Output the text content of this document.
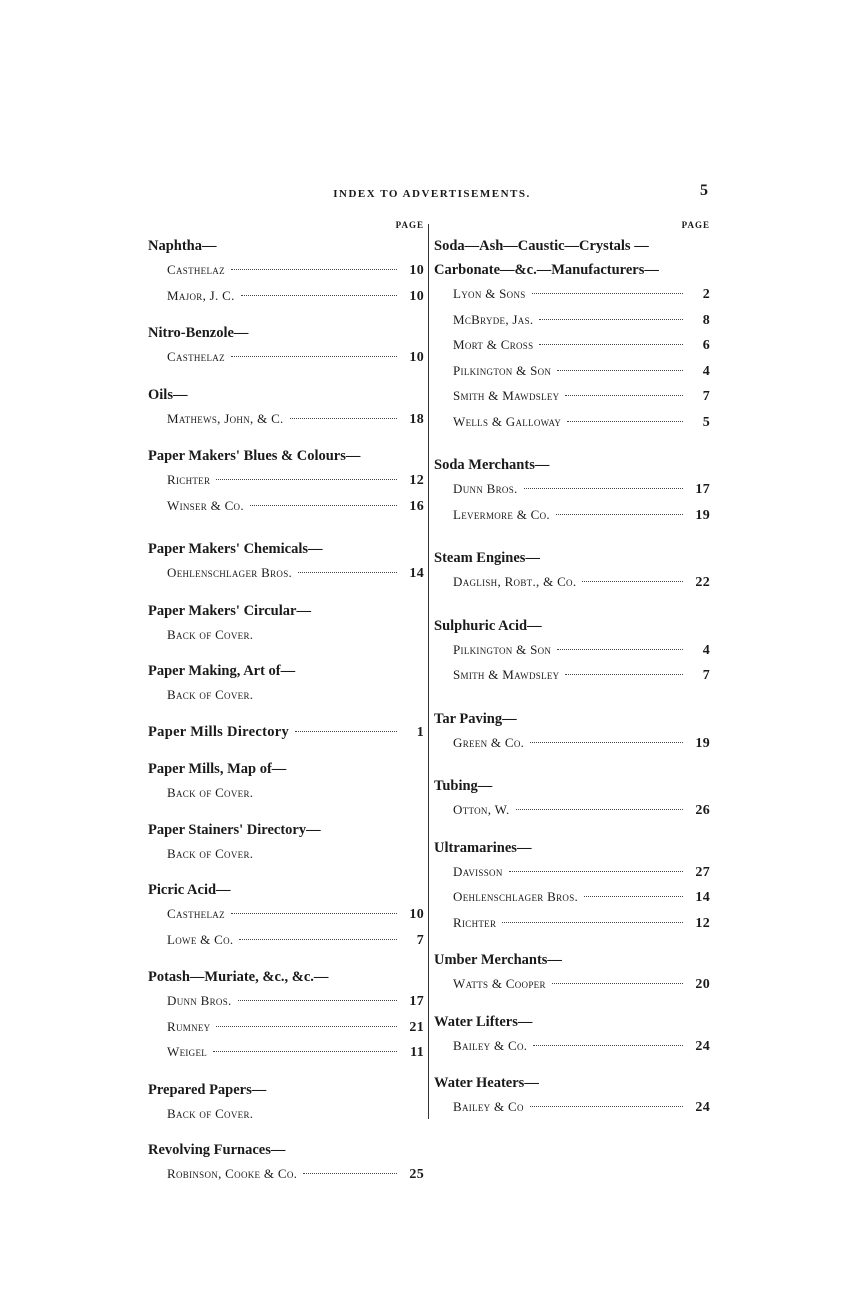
INDEX TO ADVERTISEMENTS.	5
PAGE
Naphtha—
Casthelaz	10
Major, J. C.	10
Nitro-Benzole—
Casthelaz	10
Oils—
Mathews, John, & C.	18
Paper Makers' Blues & Colours—
Richter	12
Winser & Co.	16
Paper Makers' Chemicals—
Oehlenschlager Bros.	14
Paper Makers' Circular—
Back of Cover.
Paper Making, Art of—
Back of Cover.
Paper Mills Directory	1
Paper Mills, Map of—
Back of Cover.
Paper Stainers' Directory—
Back of Cover.
Picric Acid—
Casthelaz	10
Lowe & Co.	7
Potash—Muriate, &c., &c.—
Dunn Bros.	17
Rumney	21
Weigel	11
Prepared Papers—
Back of Cover.
Revolving Furnaces—
Robinson, Cooke & Co.	25
PAGE
Soda—Ash—Caustic—Crystals —Carbonate—&c.—Manufacturers—
Lyon & Sons	2
McBryde, Jas.	8
Mort & Cross	6
Pilkington & Son	4
Smith & Mawdsley	7
Wells & Galloway	5
Soda Merchants—
Dunn Bros.	17
Levermore & Co.	19
Steam Engines—
Daglish, Robt., & Co.	22
Sulphuric Acid—
Pilkington & Son	4
Smith & Mawdsley	7
Tar Paving—
Green & Co.	19
Tubing—
Otton, W.	26
Ultramarines—
Davisson	27
Oehlenschlager Bros.	14
Richter	12
Umber Merchants—
Watts & Cooper	20
Water Lifters—
Bailey & Co.	24
Water Heaters—
Bailey & Co	24
